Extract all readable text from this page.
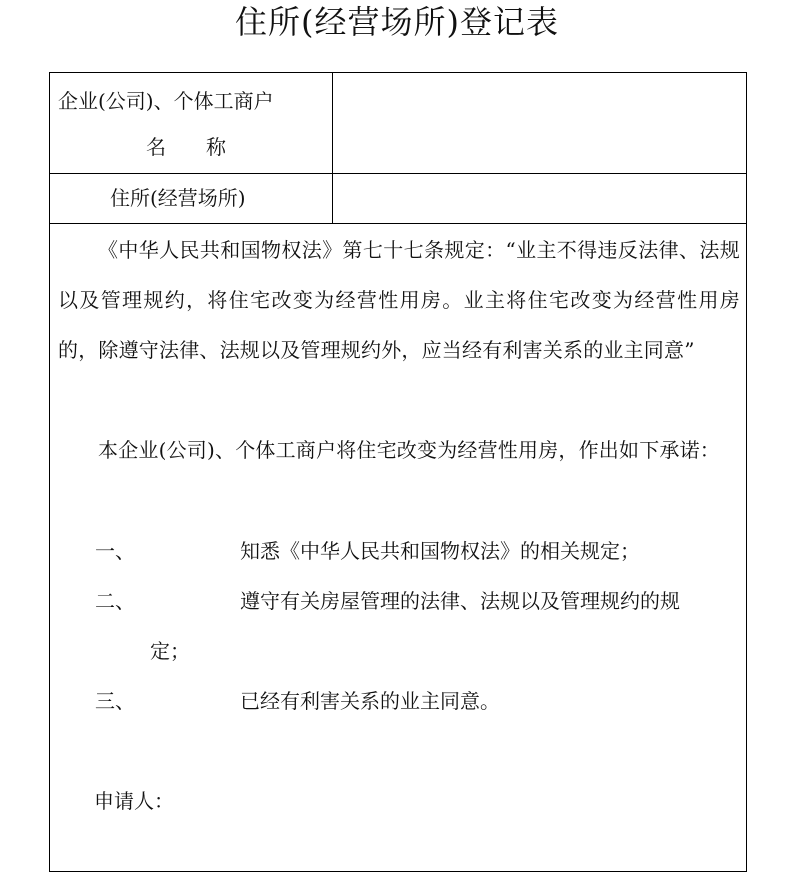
住所(经营场所)登记表
企业(公司)、个体工商户
名　　称
住所(经营场所)

《中华人民共和国物权法》第七十七条规定：“业主不得违反法律、法规以及管理规约，将住宅改变为经营性用房。业主将住宅改变为经营性用房的，除遵守法律、法规以及管理规约外，应当经有利害关系的业主同意”

本企业(公司)、个体工商户将住宅改变为经营性用房，作出如下承诺：

一、	知悉《中华人民共和国物权法》的相关规定；
二、	遵守有关房屋管理的法律、法规以及管理规约的规
定；
三、	已经有利害关系的业主同意。
申请人：
